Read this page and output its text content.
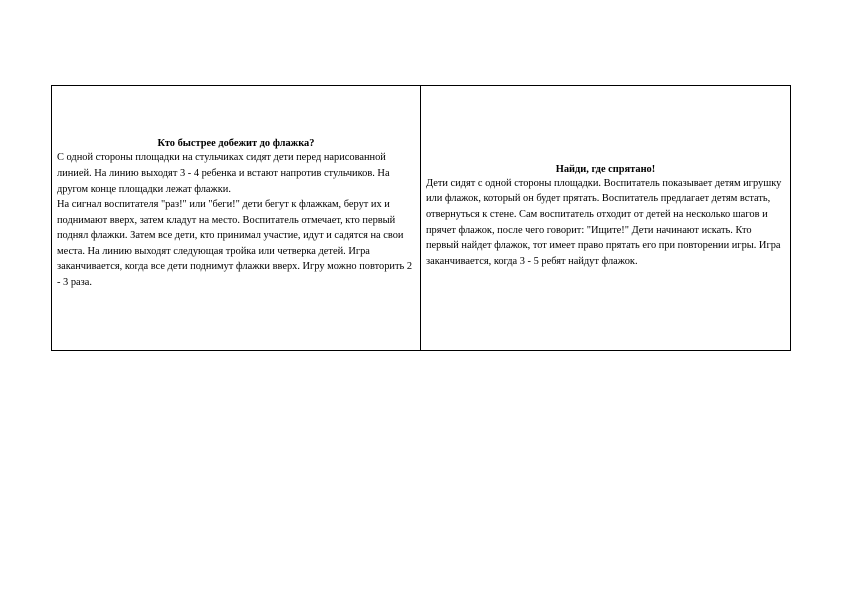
Кто быстрее добежит до флажка?

С одной стороны площадки на стульчиках сидят дети перед нарисованной линией. На линию выходят 3 - 4 ребенка и встают напротив стульчиков. На другом конце площадки лежат флажки.

На сигнал воспитателя "раз!" или "беги!" дети бегут к флажкам, берут их и поднимают вверх, затем кладут на место. Воспитатель отмечает, кто первый поднял флажки. Затем все дети, кто принимал участие, идут и садятся на свои места. На линию выходят следующая тройка или четверка детей. Игра заканчивается, когда все дети поднимут флажки вверх. Игру можно повторить 2 - 3 раза.

Найди, где спрятано!

Дети сидят с одной стороны площадки. Воспитатель показывает детям игрушку или флажок, который он будет прятать. Воспитатель предлагает детям встать, отвернуться к стене. Сам воспитатель отходит от детей на несколько шагов и прячет флажок, после чего говорит: "Ищите!" Дети начинают искать. Кто первый найдет флажок, тот имеет право прятать его при повторении игры. Игра заканчивается, когда 3 - 5 ребят найдут флажок.
